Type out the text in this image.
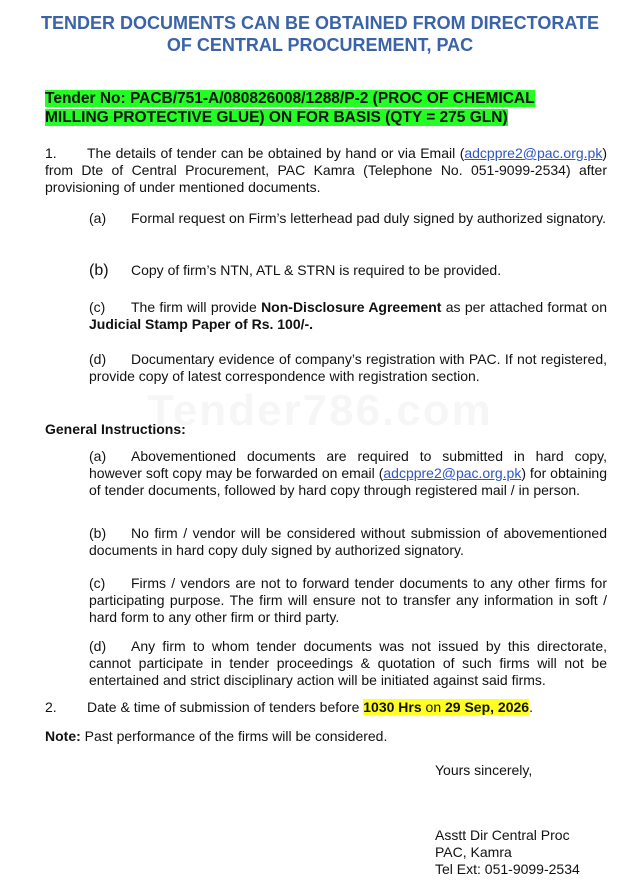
TENDER DOCUMENTS CAN BE OBTAINED FROM DIRECTORATE
OF CENTRAL PROCUREMENT, PAC
Tender No: PACB/751-A/080826008/1288/P-2 (PROC OF CHEMICAL
MILLING PROTECTIVE GLUE) ON FOR BASIS (QTY = 275 GLN)
1. The details of tender can be obtained by hand or via Email (adcppre2@pac.org.pk) from Dte of Central Procurement, PAC Kamra (Telephone No. 051-9099-2534) after provisioning of under mentioned documents.
(a) Formal request on Firm’s letterhead pad duly signed by authorized signatory.
(b) Copy of firm’s NTN, ATL & STRN is required to be provided.
(c) The firm will provide Non-Disclosure Agreement as per attached format on Judicial Stamp Paper of Rs. 100/-.
(d) Documentary evidence of company’s registration with PAC. If not registered, provide copy of latest correspondence with registration section.
General Instructions:
(a) Abovementioned documents are required to submitted in hard copy, however soft copy may be forwarded on email (adcppre2@pac.org.pk) for obtaining of tender documents, followed by hard copy through registered mail / in person.
(b) No firm / vendor will be considered without submission of abovementioned documents in hard copy duly signed by authorized signatory.
(c) Firms / vendors are not to forward tender documents to any other firms for participating purpose. The firm will ensure not to transfer any information in soft / hard form to any other firm or third party.
(d) Any firm to whom tender documents was not issued by this directorate, cannot participate in tender proceedings & quotation of such firms will not be entertained and strict disciplinary action will be initiated against said firms.
2. Date & time of submission of tenders before 1030 Hrs on 29 Sep, 2026.
Note: Past performance of the firms will be considered.
Yours sincerely,
Asstt Dir Central Proc
PAC, Kamra
Tel Ext: 051-9099-2534
